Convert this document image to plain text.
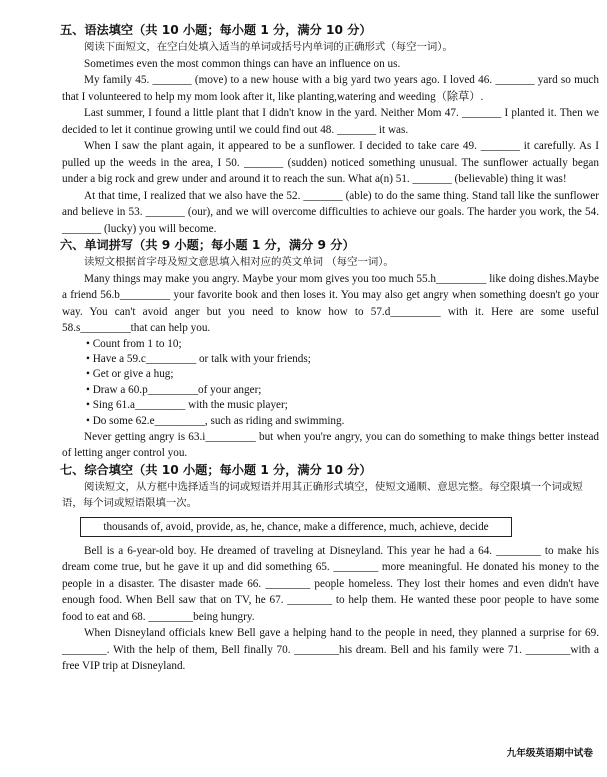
五、语法填空（共 10 小题；每小题 1 分，满分 10 分）

阅读下面短文，在空白处填入适当的单词或括号内单词的正确形式（每空一词）。

Sometimes even the most common things can have an influence on us.

My family 45. _______ (move) to a new house with a big yard two years ago. I loved 46. _______ yard so much that I volunteered to help my mom look after it, like planting,watering and weeding（除草）.

Last summer, I found a little plant that I didn't know in the yard. Neither Mom 47. _______ I planted it. Then we decided to let it continue growing until we could find out 48. _______ it was.

When I saw the plant again, it appeared to be a sunflower. I decided to take care 49. _______ it carefully. As I pulled up the weeds in the area, I 50. _______ (sudden) noticed something unusual. The sunflower actually began under a big rock and grew under and around it to reach the sun. What a(n) 51. _______ (believable) thing it was!

At that time, I realized that we also have the 52. _______ (able) to do the same thing. Stand tall like the sunflower and believe in 53. _______ (our), and we will overcome difficulties to achieve our goals. The harder you work, the 54. _______ (lucky) you will become.

六、单词拼写（共 9 小题；每小题 1 分，满分 9 分）

读短文根据首字母及短文意思填入相对应的英文单词 （每空一词）。

Many things may make you angry. Maybe your mom gives you too much 55.h_________ like doing dishes.Maybe a friend 56.b_________ your favorite book and then loses it. You may also get angry when something doesn't go your way. You can't avoid anger but you need to know how to 57.d_________ with it. Here are some useful 58.s_________that can help you.

• Count from 1 to 10;

• Have a 59.c_________ or talk with your friends;

• Get or give a hug;

• Draw a 60.p_________of your anger;

• Sing 61.a_________ with the music player;

• Do some 62.e_________, such as riding and swimming.

Never getting angry is 63.i_________ but when you're angry, you can do something to make things better instead of letting anger control you.

七、综合填空（共 10 小题；每小题 1 分，满分 10 分）

阅读短文，从方框中选择适当的词或短语并用其正确形式填空，使短文通顺、意思完整。每空限填一个词或短语，每个词或短语限填一次。

thousands of, avoid, provide, as, he, chance, make a difference, much, achieve, decide

Bell is a 6-year-old boy. He dreamed of traveling at Disneyland. This year he had a 64. ________ to make his dream come true, but he gave it up and did something 65. ________ more meaningful. He donated his money to the people in a disaster. The disaster made 66. ________ people homeless. They lost their homes and even didn't have enough food. When Bell saw that on TV, he 67. ________ to help them. He wanted these poor people to have some food to eat and 68. ________being hungry.

When Disneyland officials knew Bell gave a helping hand to the people in need, they planned a surprise for 69. ________. With the help of them, Bell finally 70. ________his dream. Bell and his family were 71. ________with a free VIP trip at Disneyland.

九年级英语期中试卷
